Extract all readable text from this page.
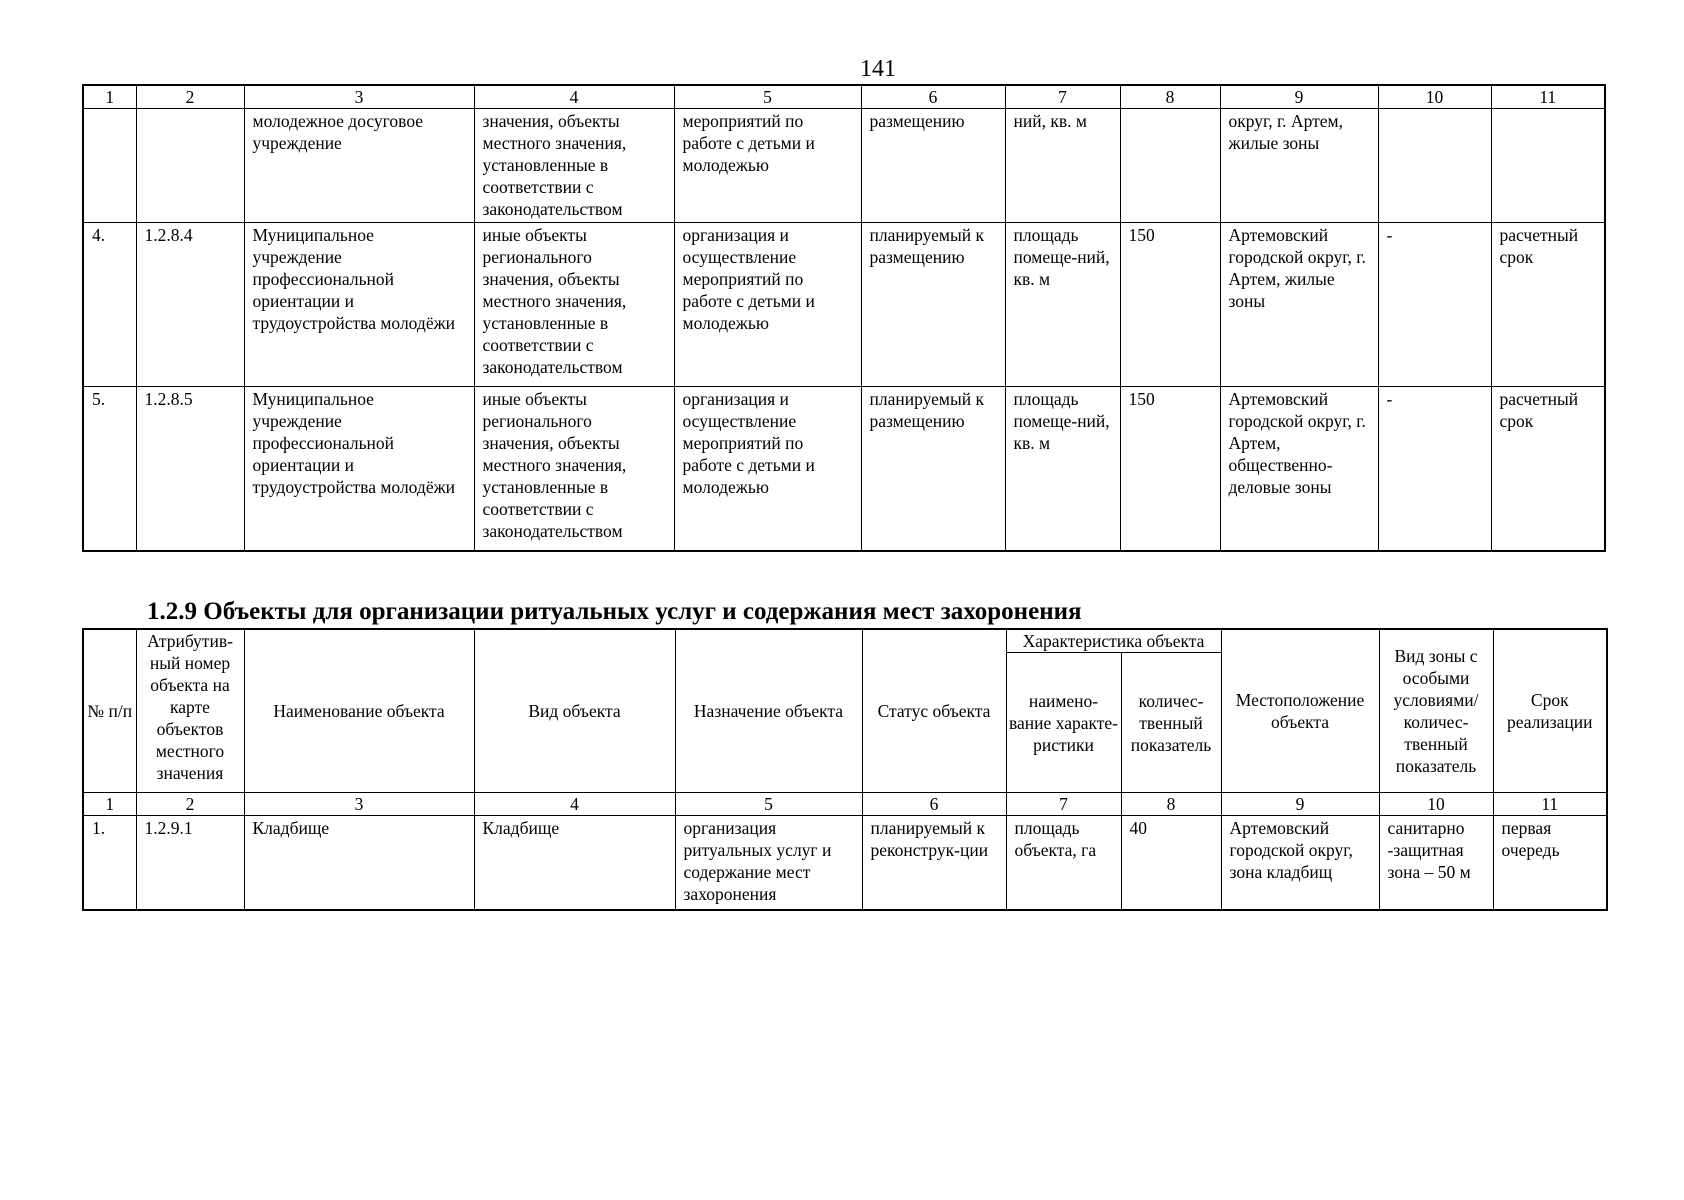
141
1	2	3	4	5	6	7	8	9	10	11
		молодежное досуговое учреждение	значения, объекты местного значения, установленные в соответствии с законодательством	мероприятий по работе с детьми и молодежью	размещению	ний, кв. м		округ, г. Артем, жилые зоны		
4.	1.2.8.4	Муниципальное учреждение профессиональной ориентации и трудоустройства молодёжи	иные объекты регионального значения, объекты местного значения, установленные в соответствии с законодательством	организация и осуществление мероприятий по работе с детьми и молодежью	планируемый к размещению	площадь помеще-ний, кв. м	150	Артемовский городской округ, г. Артем, жилые зоны	-	расчетный срок
5.	1.2.8.5	Муниципальное учреждение профессиональной ориентации и трудоустройства молодёжи	иные объекты регионального значения, объекты местного значения, установленные в соответствии с законодательством	организация и осуществление мероприятий по работе с детьми и молодежью	планируемый к размещению	площадь помеще-ний, кв. м	150	Артемовский городской округ, г. Артем, общественно-деловые зоны	-	расчетный срок
1.2.9 Объекты для организации ритуальных услуг и содержания мест захоронения
№ п/п	Атрибутив-ный номер объекта на карте объектов местного значения	Наименование объекта	Вид объекта	Назначение объекта	Статус объекта	Характеристика объекта		Местоположение объекта	Вид зоны с особыми условиями/ количес-твенный показатель	Срок реализации
						наимено-вание характе-ристики	количес-твенный показатель			
1	2	3	4	5	6	7	8	9	10	11
1.	1.2.9.1	Кладбище	Кладбище	организация ритуальных услуг и содержание мест захоронения	планируемый к реконструк-ции	площадь объекта, га	40	Артемовский городской округ, зона кладбищ	санитарно -защитная зона – 50 м	первая очередь
